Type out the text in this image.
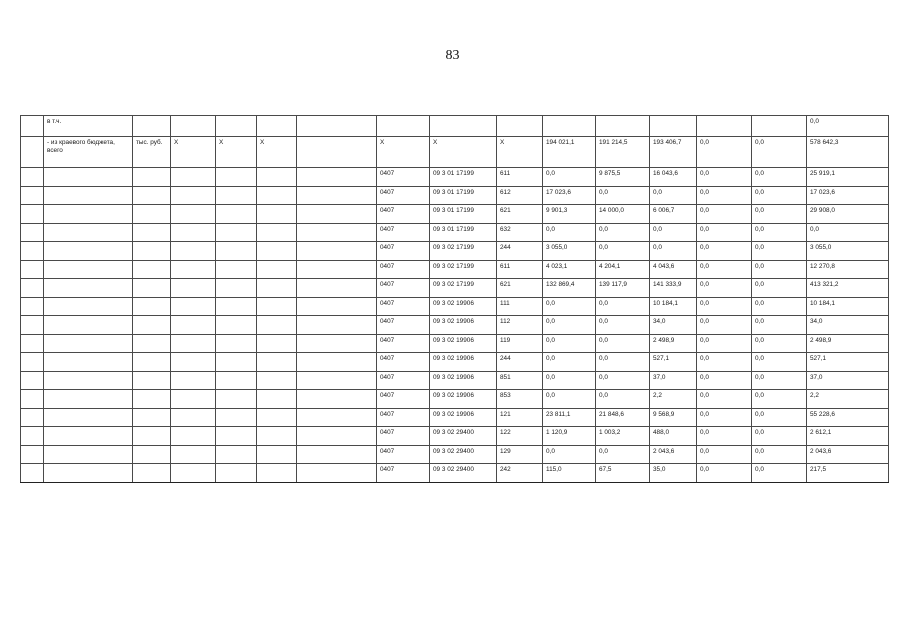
83
	в т.ч.														0,0
	- из краевого бюджета, всего	тыс. руб.	Х	Х	Х		Х	Х	Х	194 021,1	191 214,5	193 406,7	0,0	0,0	578 642,3
							0407	09 3 01 17199	611	0,0	9 875,5	16 043,6	0,0	0,0	25 919,1
							0407	09 3 01 17199	612	17 023,6	0,0	0,0	0,0	0,0	17 023,6
							0407	09 3 01 17199	621	9 901,3	14 000,0	6 006,7	0,0	0,0	29 908,0
							0407	09 3 01 17199	632	0,0	0,0	0,0	0,0	0,0	0,0
							0407	09 3 02 17199	244	3 055,0	0,0	0,0	0,0	0,0	3 055,0
							0407	09 3 02 17199	611	4 023,1	4 204,1	4 043,6	0,0	0,0	12 270,8
							0407	09 3 02 17199	621	132 869,4	139 117,9	141 333,9	0,0	0,0	413 321,2
							0407	09 3 02 19906	111	0,0	0,0	10 184,1	0,0	0,0	10 184,1
							0407	09 3 02 19906	112	0,0	0,0	34,0	0,0	0,0	34,0
							0407	09 3 02 19906	119	0,0	0,0	2 498,9	0,0	0,0	2 498,9
							0407	09 3 02 19906	244	0,0	0,0	527,1	0,0	0,0	527,1
							0407	09 3 02 19906	851	0,0	0,0	37,0	0,0	0,0	37,0
							0407	09 3 02 19906	853	0,0	0,0	2,2	0,0	0,0	2,2
							0407	09 3 02 19906	121	23 811,1	21 848,6	9 568,9	0,0	0,0	55 228,6
							0407	09 3 02 29400	122	1 120,9	1 003,2	488,0	0,0	0,0	2 612,1
							0407	09 3 02 29400	129	0,0	0,0	2 043,6	0,0	0,0	2 043,6
							0407	09 3 02 29400	242	115,0	67,5	35,0	0,0	0,0	217,5
